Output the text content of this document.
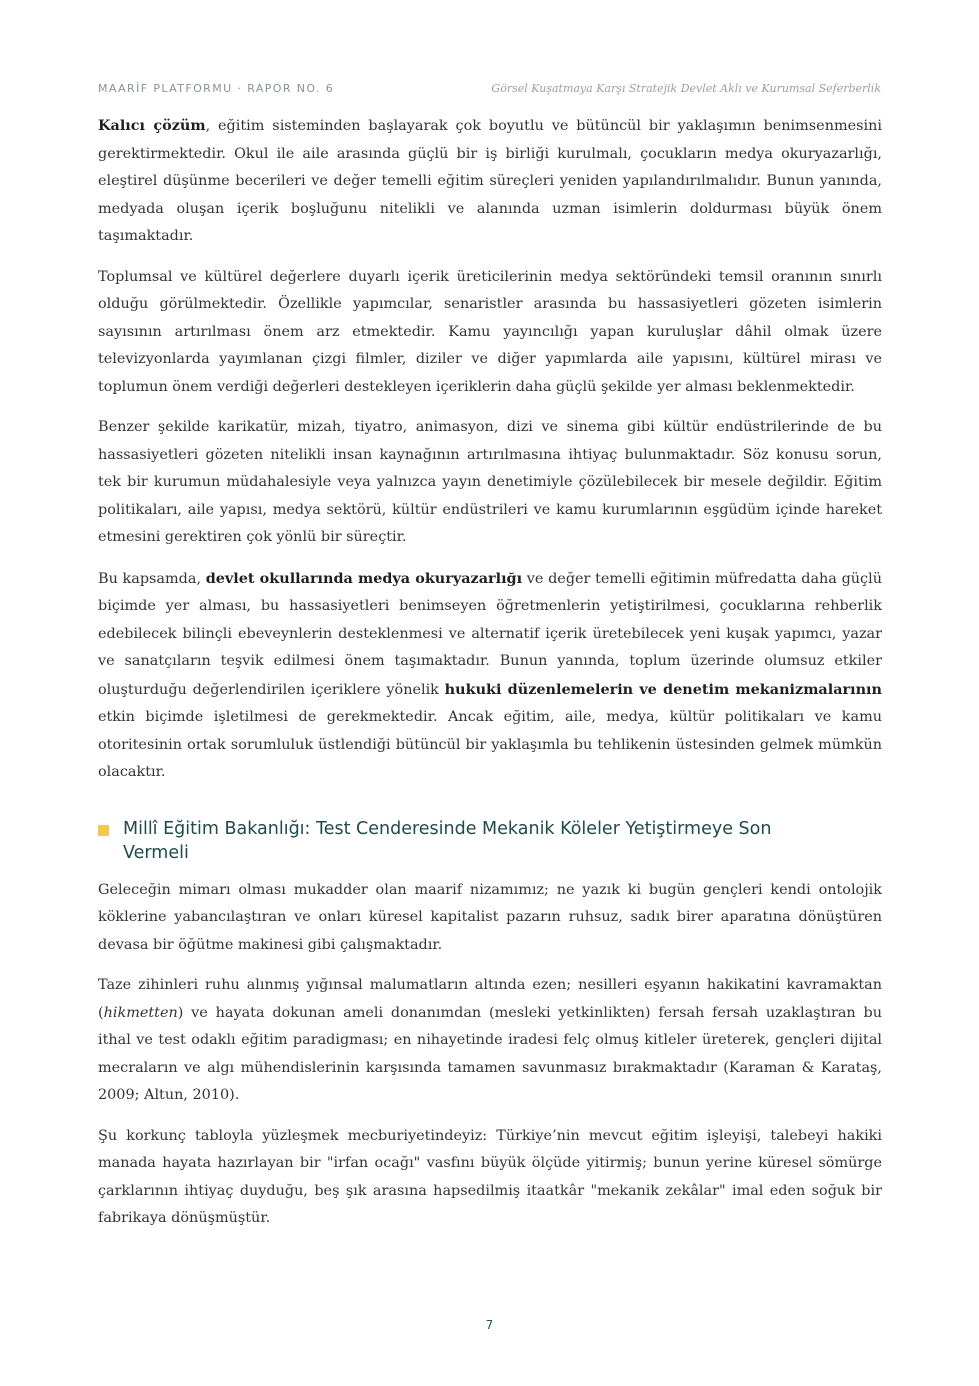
MAARİF PLATFORMU · RAPOR NO. 6	Görsel Kuşatmaya Karşı Stratejik Devlet Aklı ve Kurumsal Seferberlik

Kalıcı çözüm, eğitim sisteminden başlayarak çok boyutlu ve bütüncül bir yaklaşımın benimsenmesini gerektirmektedir. Okul ile aile arasında güçlü bir iş birliği kurulmalı, çocukların medya okuryazarlığı, eleştirel düşünme becerileri ve değer temelli eğitim süreçleri yeniden yapılandırılmalıdır. Bunun yanında, medyada oluşan içerik boşluğunu nitelikli ve alanında uzman isimlerin doldurması büyük önem taşımaktadır.

Toplumsal ve kültürel değerlere duyarlı içerik üreticilerinin medya sektöründeki temsil oranının sınırlı olduğu görülmektedir. Özellikle yapımcılar, senaristler arasında bu hassasiyetleri gözeten isimlerin sayısının artırılması önem arz etmektedir. Kamu yayıncılığı yapan kuruluşlar dâhil olmak üzere televizyonlarda yayımlanan çizgi filmler, diziler ve diğer yapımlarda aile yapısını, kültürel mirası ve toplumun önem verdiği değerleri destekleyen içeriklerin daha güçlü şekilde yer alması beklenmektedir.

Benzer şekilde karikatür, mizah, tiyatro, animasyon, dizi ve sinema gibi kültür endüstrilerinde de bu hassasiyetleri gözeten nitelikli insan kaynağının artırılmasına ihtiyaç bulunmaktadır. Söz konusu sorun, tek bir kurumun müdahalesiyle veya yalnızca yayın denetimiyle çözülebilecek bir mesele değildir. Eğitim politikaları, aile yapısı, medya sektörü, kültür endüstrileri ve kamu kurumlarının eşgüdüm içinde hareket etmesini gerektiren çok yönlü bir süreçtir.

Bu kapsamda, devlet okullarında medya okuryazarlığı ve değer temelli eğitimin müfredatta daha güçlü biçimde yer alması, bu hassasiyetleri benimseyen öğretmenlerin yetiştirilmesi, çocuklarına rehberlik edebilecek bilinçli ebeveynlerin desteklenmesi ve alternatif içerik üretebilecek yeni kuşak yapımcı, yazar ve sanatçıların teşvik edilmesi önem taşımaktadır. Bunun yanında, toplum üzerinde olumsuz etkiler oluşturduğu değerlendirilen içeriklere yönelik hukuki düzenlemelerin ve denetim mekanizmalarının etkin biçimde işletilmesi de gerekmektedir. Ancak eğitim, aile, medya, kültür politikaları ve kamu otoritesinin ortak sorumluluk üstlendiği bütüncül bir yaklaşımla bu tehlikenin üstesinden gelmek mümkün olacaktır.

Millî Eğitim Bakanlığı: Test Cenderesinde Mekanik Köleler Yetiştirmeye Son Vermeli

Geleceğin mimarı olması mukadder olan maarif nizamımız; ne yazık ki bugün gençleri kendi ontolojik köklerine yabancılaştıran ve onları küresel kapitalist pazarın ruhsuz, sadık birer aparatına dönüştüren devasa bir öğütme makinesi gibi çalışmaktadır.

Taze zihinleri ruhu alınmış yığınsal malumatların altında ezen; nesilleri eşyanın hakikatini kavramaktan (hikmetten) ve hayata dokunan ameli donanımdan (mesleki yetkinlikten) fersah fersah uzaklaştıran bu ithal ve test odaklı eğitim paradigması; en nihayetinde iradesi felç olmuş kitleler üreterek, gençleri dijital mecraların ve algı mühendislerinin karşısında tamamen savunmasız bırakmaktadır (Karaman & Karataş, 2009; Altun, 2010).

Şu korkunç tabloyla yüzleşmek mecburiyetindeyiz: Türkiye’nin mevcut eğitim işleyişi, talebeyi hakiki manada hayata hazırlayan bir "irfan ocağı" vasfını büyük ölçüde yitirmiş; bunun yerine küresel sömürge çarklarının ihtiyaç duyduğu, beş şık arasına hapsedilmiş itaatkâr "mekanik zekâlar" imal eden soğuk bir fabrikaya dönüşmüştür.

7
